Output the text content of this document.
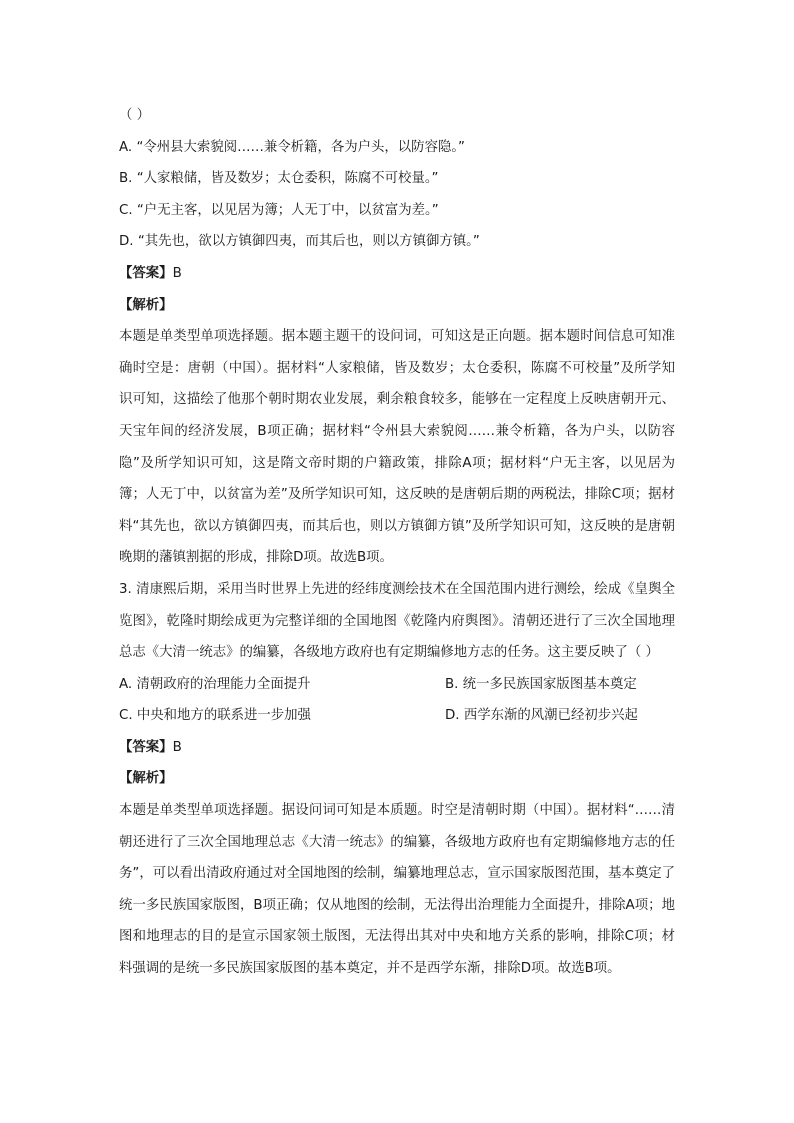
（ ）
A. “令州县大索貌阅……兼令析籍，各为户头，以防容隐。”
B. “人家粮储，皆及数岁；太仓委积，陈腐不可校量。”
C. “户无主客，以见居为簿；人无丁中，以贫富为差。”
D. “其先也，欲以方镇御四夷，而其后也，则以方镇御方镇。”
【答案】B
【解析】
本题是单类型单项选择题。据本题主题干的设问词，可知这是正向题。据本题时间信息可知准确时空是：唐朝（中国）。据材料“人家粮储，皆及数岁；太仓委积，陈腐不可校量”及所学知识可知，这描绘了他那个朝时期农业发展，剩余粮食较多，能够在一定程度上反映唐朝开元、天宝年间的经济发展，B项正确；据材料“令州县大索貌阅……兼令析籍，各为户头，以防容隐”及所学知识可知，这是隋文帝时期的户籍政策，排除A项；据材料“户无主客，以见居为簿；人无丁中，以贫富为差”及所学知识可知，这反映的是唐朝后期的两税法，排除C项；据材料“其先也，欲以方镇御四夷，而其后也，则以方镇御方镇”及所学知识可知，这反映的是唐朝晚期的藩镇割据的形成，排除D项。故选B项。
3. 清康熙后期，采用当时世界上先进的经纬度测绘技术在全国范围内进行测绘，绘成《皇舆全览图》，乾隆时期绘成更为完整详细的全国地图《乾隆内府舆图》。清朝还进行了三次全国地理总志《大清一统志》的编纂，各级地方政府也有定期编修地方志的任务。这主要反映了（ ）
A. 清朝政府的治理能力全面提升	B. 统一多民族国家版图基本奠定
C. 中央和地方的联系进一步加强	D. 西学东渐的风潮已经初步兴起
【答案】B
【解析】
本题是单类型单项选择题。据设问词可知是本质题。时空是清朝时期（中国）。据材料“……清朝还进行了三次全国地理总志《大清一统志》的编纂，各级地方政府也有定期编修地方志的任务”，可以看出清政府通过对全国地图的绘制，编纂地理总志，宣示国家版图范围，基本奠定了统一多民族国家版图，B项正确；仅从地图的绘制，无法得出治理能力全面提升，排除A项；地图和地理志的目的是宣示国家领土版图，无法得出其对中央和地方关系的影响，排除C项；材料强调的是统一多民族国家版图的基本奠定，并不是西学东渐，排除D项。故选B项。
